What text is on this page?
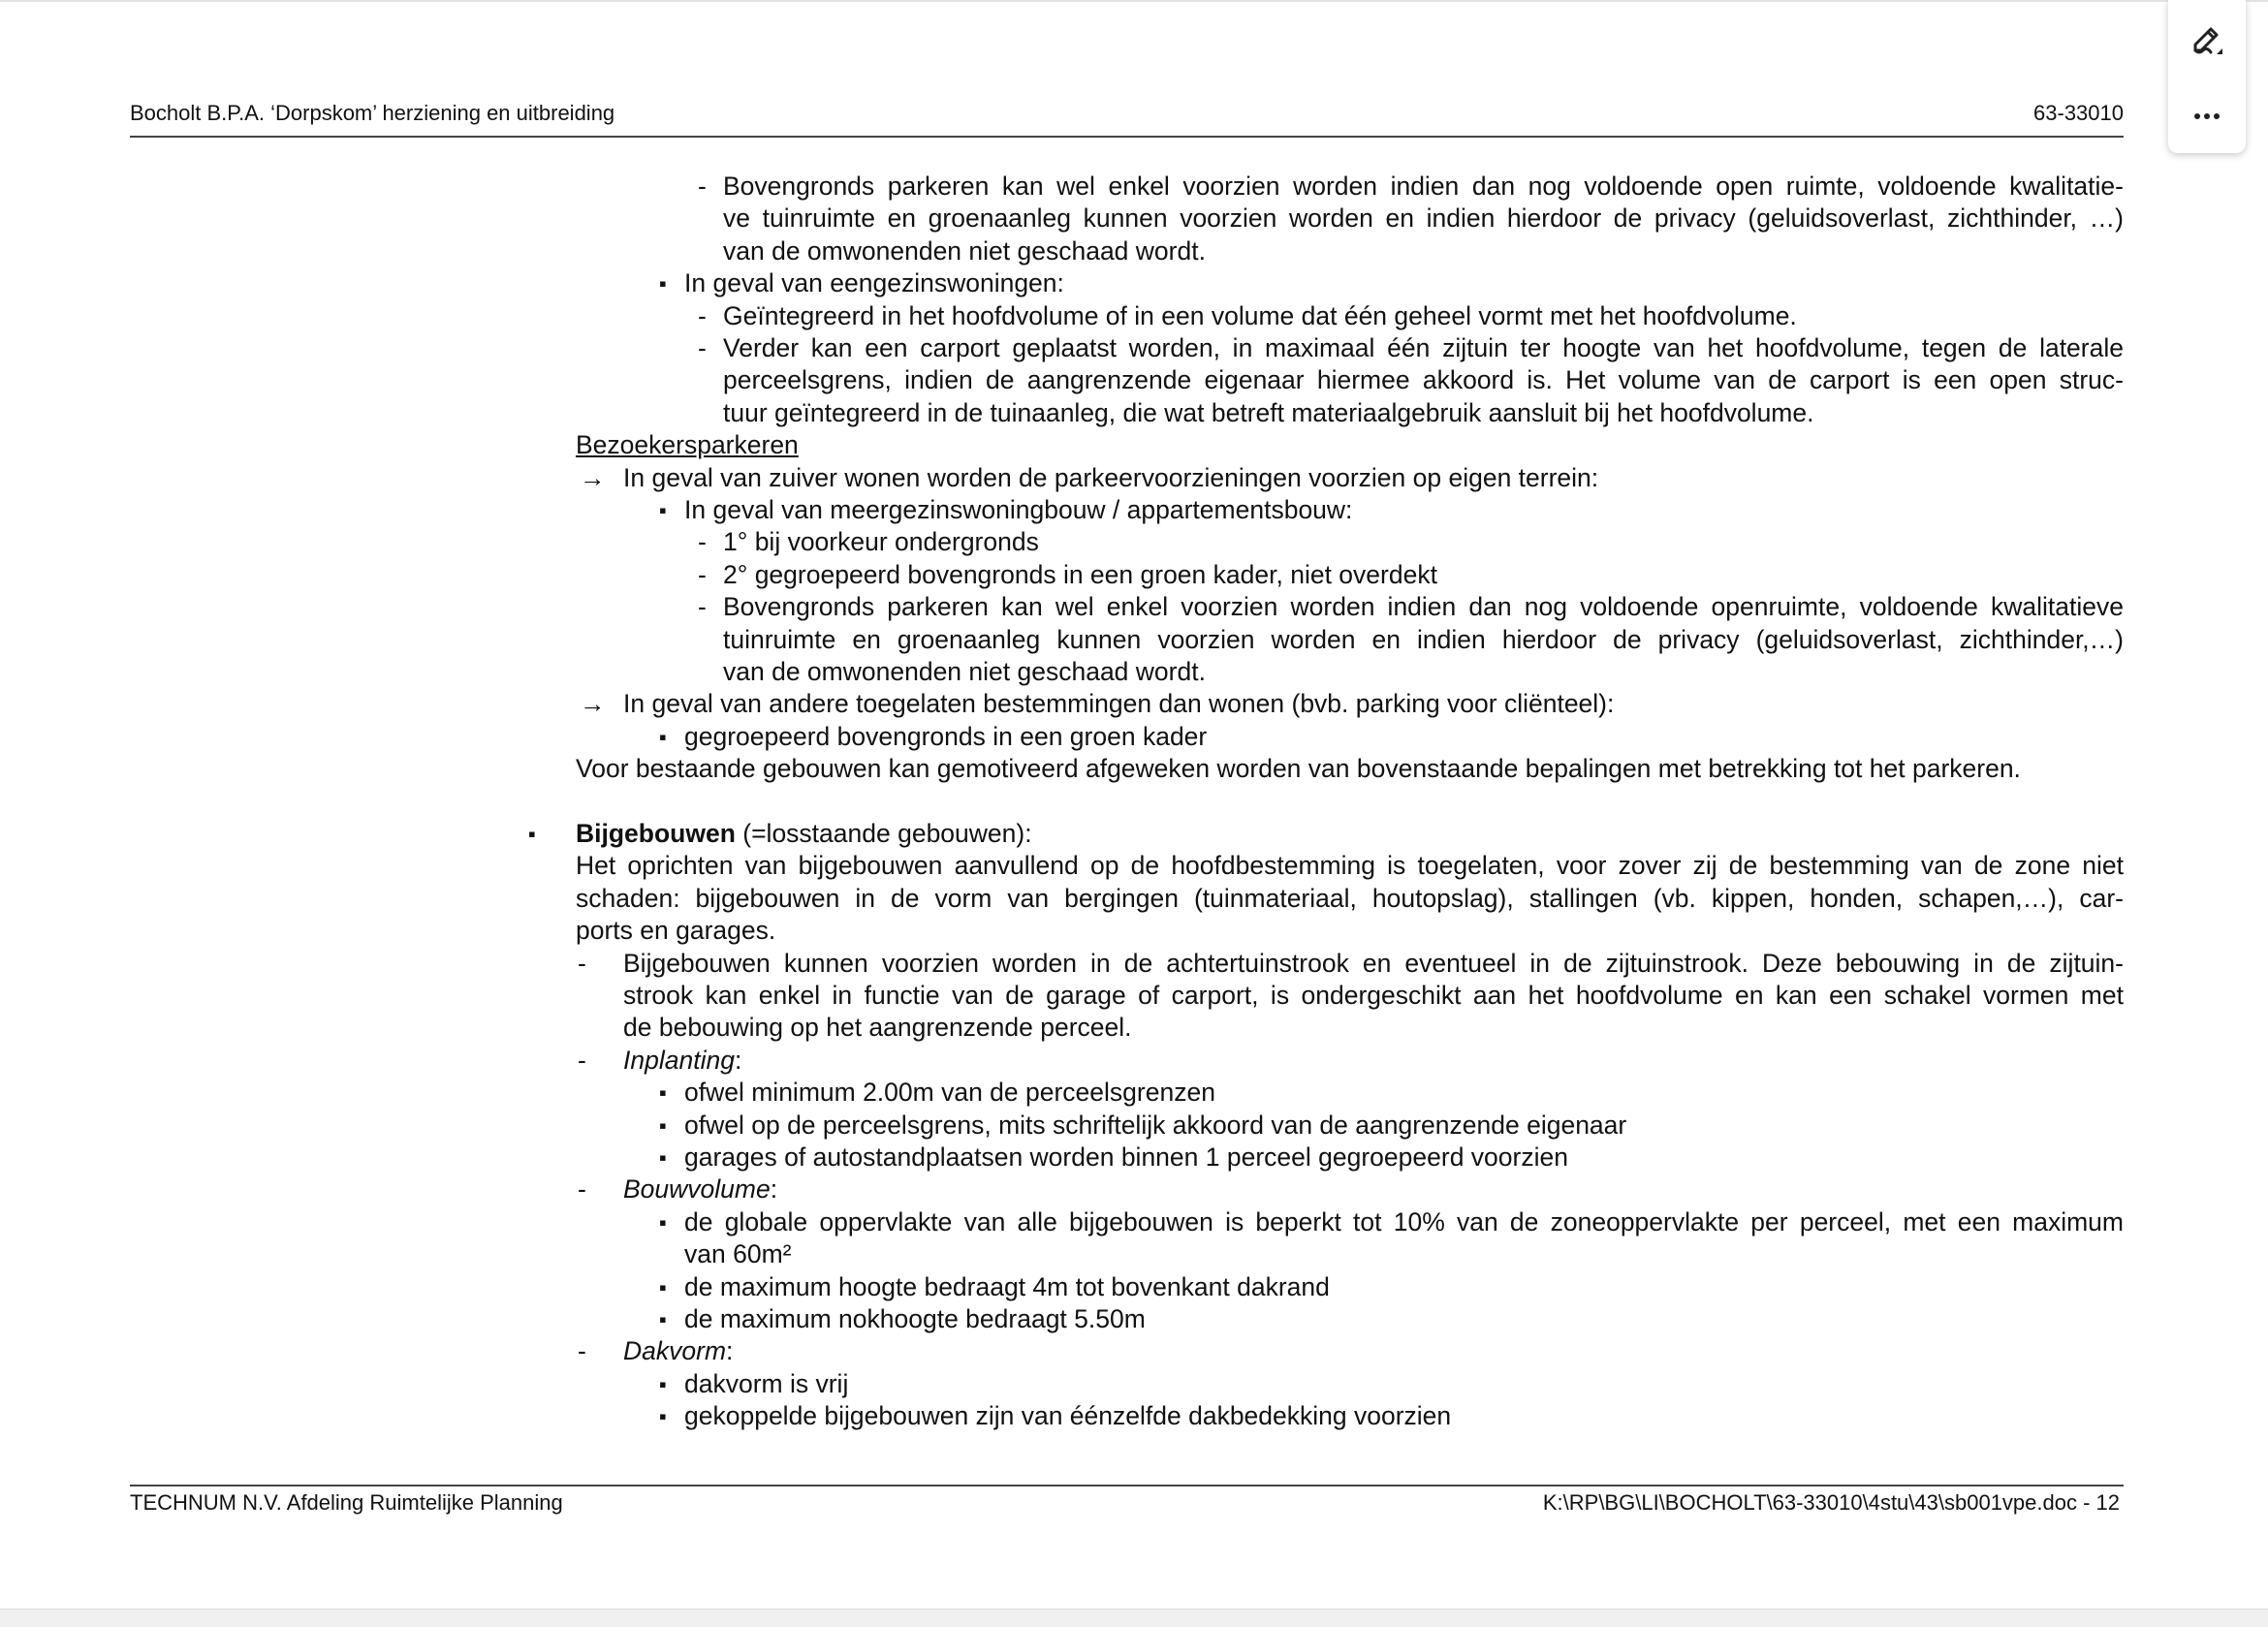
Bocholt B.P.A. ‘Dorpskom’ herziening en uitbreiding	63-33010
- Bovengronds parkeren kan wel enkel voorzien worden indien dan nog voldoende open ruimte, voldoende kwalitatie-
ve tuinruimte en groenaanleg kunnen voorzien worden en indien hierdoor de privacy (geluidsoverlast, zichthinder, …)
van de omwonenden niet geschaad wordt.
▪ In geval van eengezinswoningen:
- Geïntegreerd in het hoofdvolume of in een volume dat één geheel vormt met het hoofdvolume.
- Verder kan een carport geplaatst worden, in maximaal één zijtuin ter hoogte van het hoofdvolume, tegen de laterale
perceelsgrens, indien de aangrenzende eigenaar hiermee akkoord is. Het volume van de carport is een open struc-
tuur geïntegreerd in de tuinaanleg, die wat betreft materiaalgebruik aansluit bij het hoofdvolume.
Bezoekersparkeren
→ In geval van zuiver wonen worden de parkeervoorzieningen voorzien op eigen terrein:
▪ In geval van meergezinswoningbouw / appartementsbouw:
- 1° bij voorkeur ondergronds
- 2° gegroepeerd bovengronds in een groen kader, niet overdekt
- Bovengronds parkeren kan wel enkel voorzien worden indien dan nog voldoende openruimte, voldoende kwalitatieve
tuinruimte en groenaanleg kunnen voorzien worden en indien hierdoor de privacy (geluidsoverlast, zichthinder,…)
van de omwonenden niet geschaad wordt.
→ In geval van andere toegelaten bestemmingen dan wonen (bvb. parking voor cliënteel):
▪ gegroepeerd bovengronds in een groen kader
Voor bestaande gebouwen kan gemotiveerd afgeweken worden van bovenstaande bepalingen met betrekking tot het parkeren.
▪ Bijgebouwen (=losstaande gebouwen):
Het oprichten van bijgebouwen aanvullend op de hoofdbestemming is toegelaten, voor zover zij de bestemming van de zone niet
schaden: bijgebouwen in de vorm van bergingen (tuinmateriaal, houtopslag), stallingen (vb. kippen, honden, schapen,…), car-
ports en garages.
- Bijgebouwen kunnen voorzien worden in de achtertuinstrook en eventueel in de zijtuinstrook. Deze bebouwing in de zijtuin-
strook kan enkel in functie van de garage of carport, is ondergeschikt aan het hoofdvolume en kan een schakel vormen met
de bebouwing op het aangrenzende perceel.
- Inplanting:
▪ ofwel minimum 2.00m van de perceelsgrenzen
▪ ofwel op de perceelsgrens, mits schriftelijk akkoord van de aangrenzende eigenaar
▪ garages of autostandplaatsen worden binnen 1 perceel gegroepeerd voorzien
- Bouwvolume:
▪ de globale oppervlakte van alle bijgebouwen is beperkt tot 10% van de zoneoppervlakte per perceel, met een maximum
van 60m²
▪ de maximum hoogte bedraagt 4m tot bovenkant dakrand
▪ de maximum nokhoogte bedraagt 5.50m
- Dakvorm:
▪ dakvorm is vrij
▪ gekoppelde bijgebouwen zijn van éénzelfde dakbedekking voorzien
TECHNUM N.V. Afdeling Ruimtelijke Planning	K:\RP\BG\LI\BOCHOLT\63-33010\4stu\43\sb001vpe.doc - 12
